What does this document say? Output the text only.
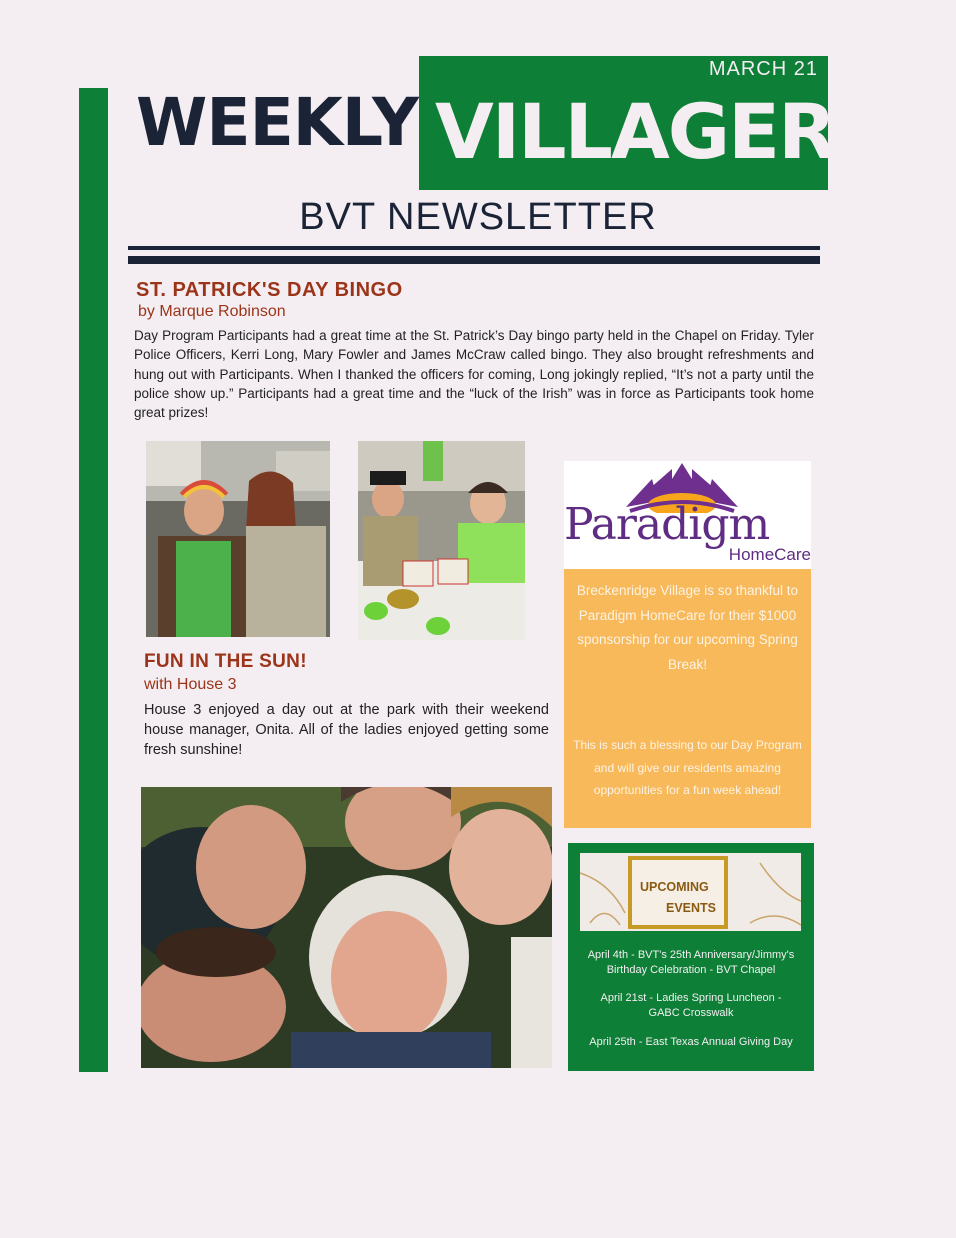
WEEKLY
MARCH 21
VILLAGER
BVT NEWSLETTER
ST. PATRICK'S DAY BINGO
by Marque Robinson
Day Program Participants had a great time at the St. Patrick’s Day bingo party held in the Chapel on Friday. Tyler Police Officers, Kerri Long, Mary Fowler and James McCraw called bingo. They also brought refreshments and hung out with Participants. When I thanked the officers for coming, Long jokingly replied, “It’s not a party until the police show up.” Participants had a great time and the “luck of the Irish” was in force as Participants took home great prizes!
FUN IN THE SUN!
with House 3
House 3 enjoyed a day out at the park with their weekend house manager, Onita. All of the ladies enjoyed getting some fresh sunshine!
Paradigm
HomeCare
Breckenridge Village is so thankful to Paradigm HomeCare for their $1000 sponsorship for our upcoming Spring Break!
This is such a blessing to our Day Program and will give our residents amazing opportunities for a fun week ahead!
UPCOMING
EVENTS
April 4th - BVT's 25th Anniversary/Jimmy's Birthday Celebration - BVT Chapel
April 21st - Ladies Spring Luncheon - GABC Crosswalk
April 25th - East Texas Annual Giving Day
